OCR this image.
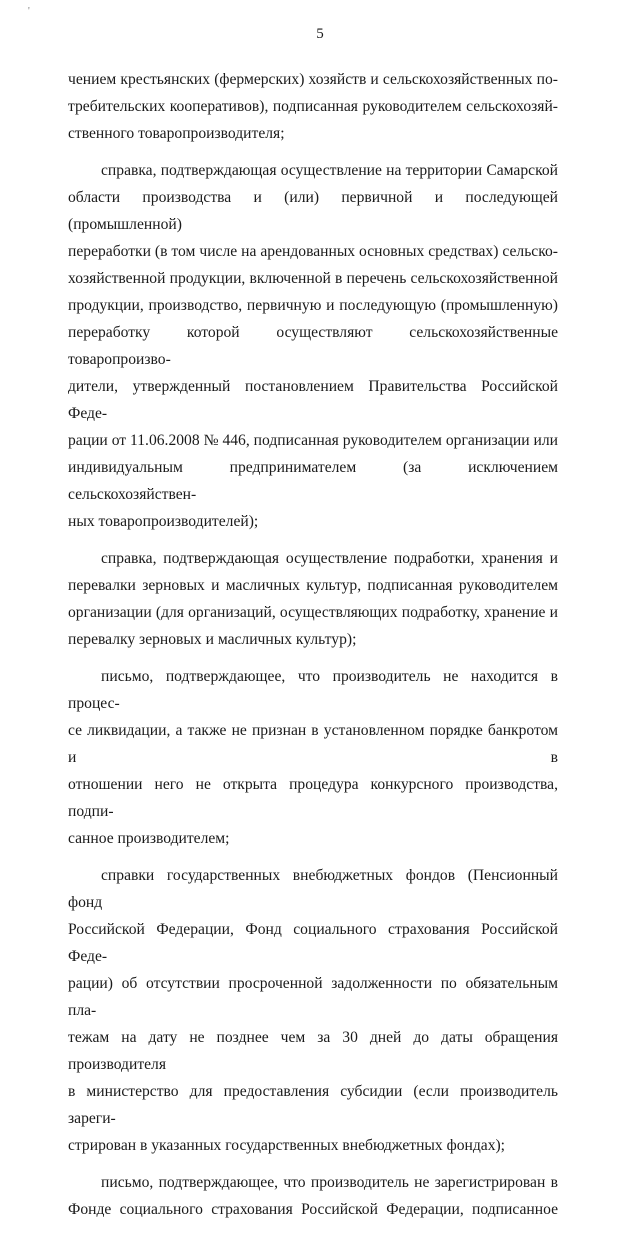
'
5

чением крестьянских (фермерских) хозяйств и сельскохозяйственных по-
требительских кооперативов), подписанная руководителем сельскохозяй-
ственного товаропроизводителя;

справка, подтверждающая осуществление на территории Самарской
области производства и (или) первичной и последующей (промышленной)
переработки (в том числе на арендованных основных средствах) сельско-
хозяйственной продукции, включенной в перечень сельскохозяйственной
продукции, производство, первичную и последующую (промышленную)
переработку которой осуществляют сельскохозяйственные товаропроизво-
дители, утвержденный постановлением Правительства Российской Феде-
рации от 11.06.2008 № 446, подписанная руководителем организации или
индивидуальным предпринимателем (за исключением сельскохозяйствен-
ных товаропроизводителей);

справка, подтверждающая осуществление подработки, хранения и
перевалки зерновых и масличных культур, подписанная руководителем
организации (для организаций, осуществляющих подработку, хранение и
перевалку зерновых и масличных культур);

письмо, подтверждающее, что производитель не находится в процес-
се ликвидации, а также не признан в установленном порядке банкротом и в
отношении него не открыта процедура конкурсного производства, подпи-
санное производителем;

справки государственных внебюджетных фондов (Пенсионный фонд
Российской Федерации, Фонд социального страхования Российской Феде-
рации) об отсутствии просроченной задолженности по обязательным пла-
тежам на дату не позднее чем за 30 дней до даты обращения производителя
в министерство для предоставления субсидии (если производитель зареги-
стрирован в указанных государственных внебюджетных фондах);

письмо, подтверждающее, что производитель не зарегистрирован в
Фонде социального страхования Российской Федерации, подписанное
